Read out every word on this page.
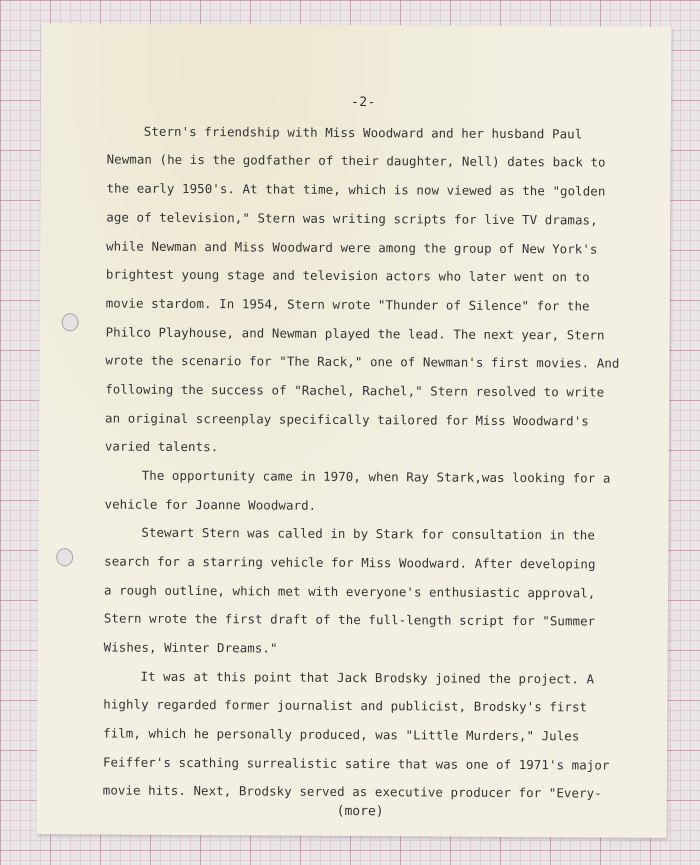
-2-
Stern's friendship with Miss Woodward and her husband Paul
Newman (he is the godfather of their daughter, Nell) dates back to
the early 1950's. At that time, which is now viewed as the "golden
age of television," Stern was writing scripts for live TV dramas,
while Newman and Miss Woodward were among the group of New York's
brightest young stage and television actors who later went on to
movie stardom. In 1954, Stern wrote "Thunder of Silence" for the
Philco Playhouse, and Newman played the lead. The next year, Stern
wrote the scenario for "The Rack," one of Newman's first movies. And
following the success of "Rachel, Rachel," Stern resolved to write
an original screenplay specifically tailored for Miss Woodward's
varied talents.
The opportunity came in 1970, when Ray Stark,was looking for a
vehicle for Joanne Woodward.
Stewart Stern was called in by Stark for consultation in the
search for a starring vehicle for Miss Woodward. After developing
a rough outline, which met with everyone's enthusiastic approval,
Stern wrote the first draft of the full-length script for "Summer
Wishes, Winter Dreams."
It was at this point that Jack Brodsky joined the project. A
highly regarded former journalist and publicist, Brodsky's first
film, which he personally produced, was "Little Murders," Jules
Feiffer's scathing surrealistic satire that was one of 1971's major
movie hits. Next, Brodsky served as executive producer for "Every-
(more)
